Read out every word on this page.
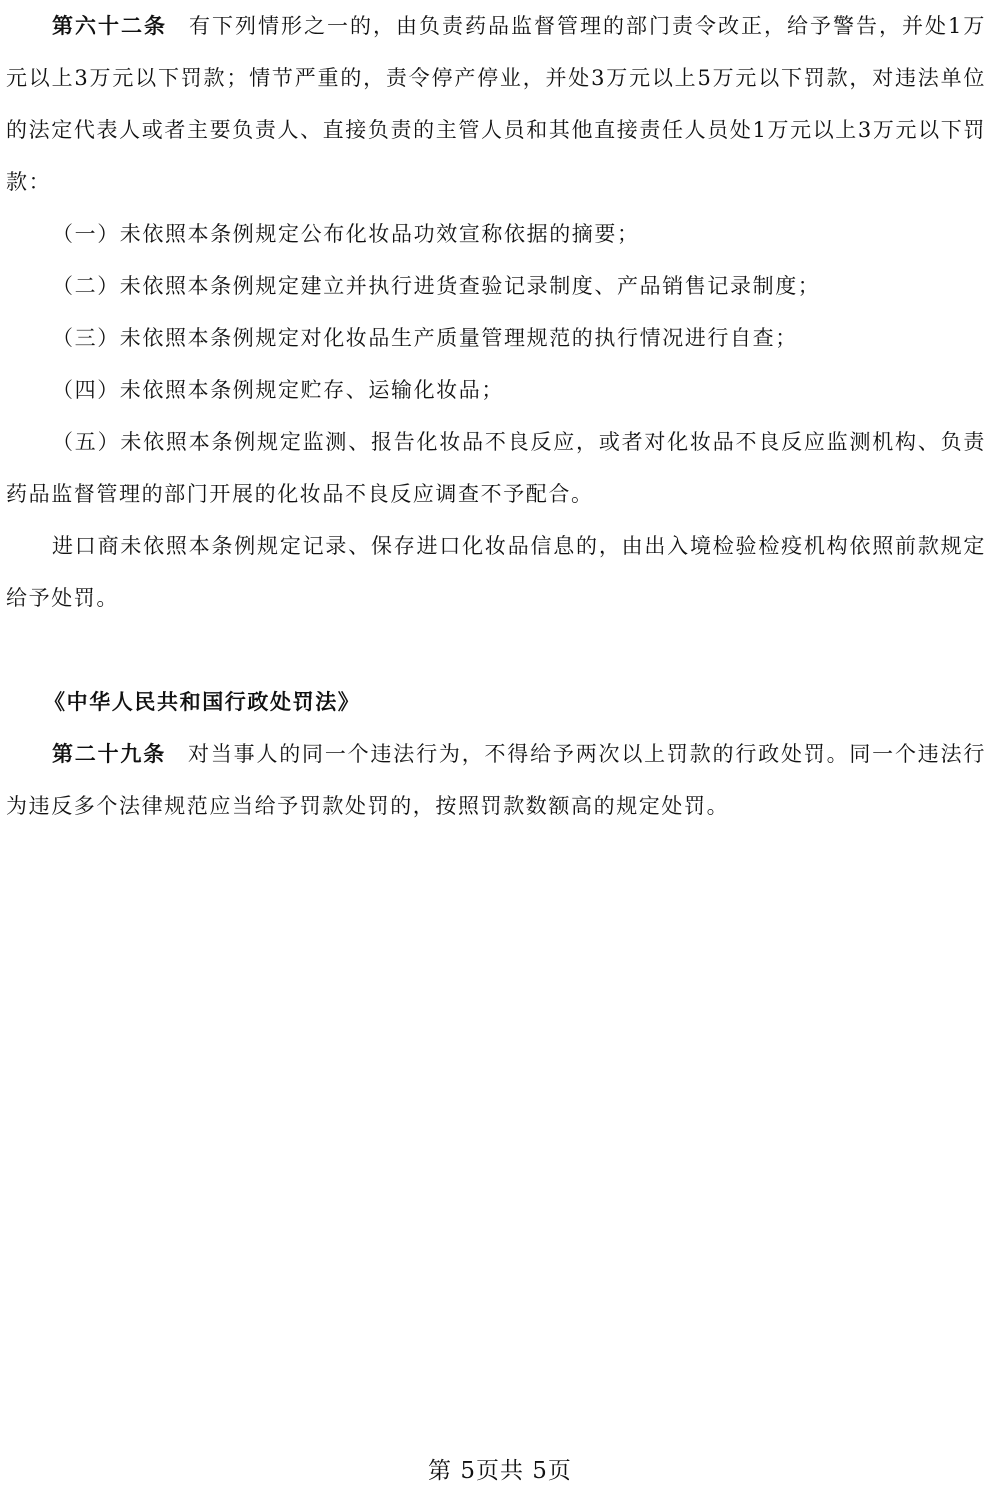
第六十二条 有下列情形之一的，由负责药品监督管理的部门责令改正，给予警告，并处1万元以上3万元以下罚款；情节严重的，责令停产停业，并处3万元以上5万元以下罚款，对违法单位的法定代表人或者主要负责人、直接负责的主管人员和其他直接责任人员处1万元以上3万元以下罚款：

（一）未依照本条例规定公布化妆品功效宣称依据的摘要；

（二）未依照本条例规定建立并执行进货查验记录制度、产品销售记录制度；

（三）未依照本条例规定对化妆品生产质量管理规范的执行情况进行自查；

（四）未依照本条例规定贮存、运输化妆品；

（五）未依照本条例规定监测、报告化妆品不良反应，或者对化妆品不良反应监测机构、负责药品监督管理的部门开展的化妆品不良反应调查不予配合。

进口商未依照本条例规定记录、保存进口化妆品信息的，由出入境检验检疫机构依照前款规定给予处罚。

《中华人民共和国行政处罚法》

第二十九条 对当事人的同一个违法行为，不得给予两次以上罚款的行政处罚。同一个违法行为违反多个法律规范应当给予罚款处罚的，按照罚款数额高的规定处罚。

第 5页共 5页
